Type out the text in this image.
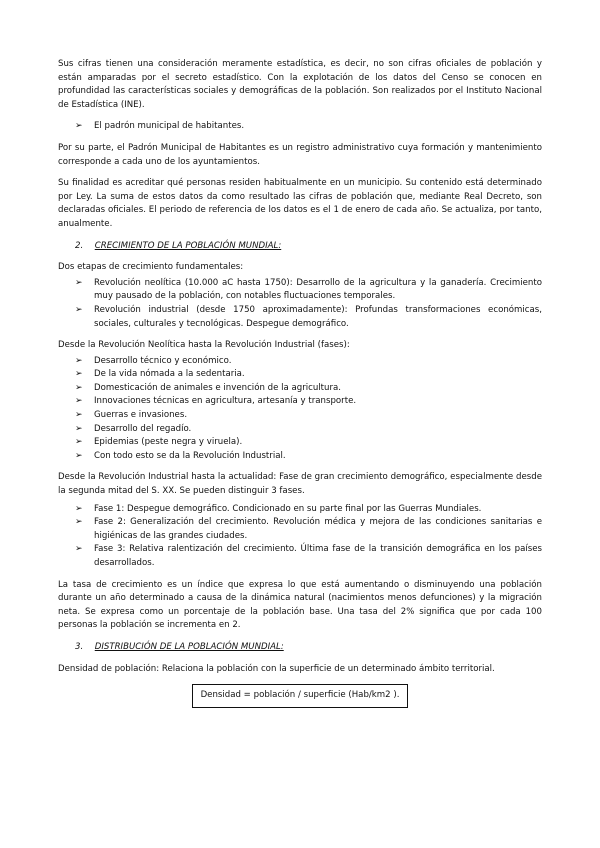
Sus cifras tienen una consideración meramente estadística, es decir, no son cifras oficiales de población y están amparadas por el secreto estadístico. Con la explotación de los datos del Censo se conocen en profundidad las características sociales y demográficas de la población. Son realizados por el Instituto Nacional de Estadística (INE).

➢ El padrón municipal de habitantes.

Por su parte, el Padrón Municipal de Habitantes es un registro administrativo cuya formación y mantenimiento corresponde a cada uno de los ayuntamientos.

Su finalidad es acreditar qué personas residen habitualmente en un municipio. Su contenido está determinado por Ley. La suma de estos datos da como resultado las cifras de población que, mediante Real Decreto, son declaradas oficiales. El periodo de referencia de los datos es el 1 de enero de cada año. Se actualiza, por tanto, anualmente.

2. CRECIMIENTO DE LA POBLACIÓN MUNDIAL:

Dos etapas de crecimiento fundamentales:

➢ Revolución neolítica (10.000 aC hasta 1750): Desarrollo de la agricultura y la ganadería. Crecimiento muy pausado de la población, con notables fluctuaciones temporales.
➢ Revolución industrial (desde 1750 aproximadamente): Profundas transformaciones económicas, sociales, culturales y tecnológicas. Despegue demográfico.

Desde la Revolución Neolítica hasta la Revolución Industrial (fases):

➢ Desarrollo técnico y económico.
➢ De la vida nómada a la sedentaria.
➢ Domesticación de animales e invención de la agricultura.
➢ Innovaciones técnicas en agricultura, artesanía y transporte.
➢ Guerras e invasiones.
➢ Desarrollo del regadío.
➢ Epidemias (peste negra y viruela).
➢ Con todo esto se da la Revolución Industrial.

Desde la Revolución Industrial hasta la actualidad: Fase de gran crecimiento demográfico, especialmente desde la segunda mitad del S. XX. Se pueden distinguir 3 fases.

➢ Fase 1: Despegue demográfico. Condicionado en su parte final por las Guerras Mundiales.
➢ Fase 2: Generalización del crecimiento. Revolución médica y mejora de las condiciones sanitarias e higiénicas de las grandes ciudades.
➢ Fase 3: Relativa ralentización del crecimiento. Última fase de la transición demográfica en los países desarrollados.

La tasa de crecimiento es un índice que expresa lo que está aumentando o disminuyendo una población durante un año determinado a causa de la dinámica natural (nacimientos menos defunciones) y la migración neta. Se expresa como un porcentaje de la población base. Una tasa del 2% significa que por cada 100 personas la población se incrementa en 2.

3. DISTRIBUCIÓN DE LA POBLACIÓN MUNDIAL:

Densidad de población: Relaciona la población con la superficie de un determinado ámbito territorial.

Densidad = población / superficie (Hab/km2 ).
